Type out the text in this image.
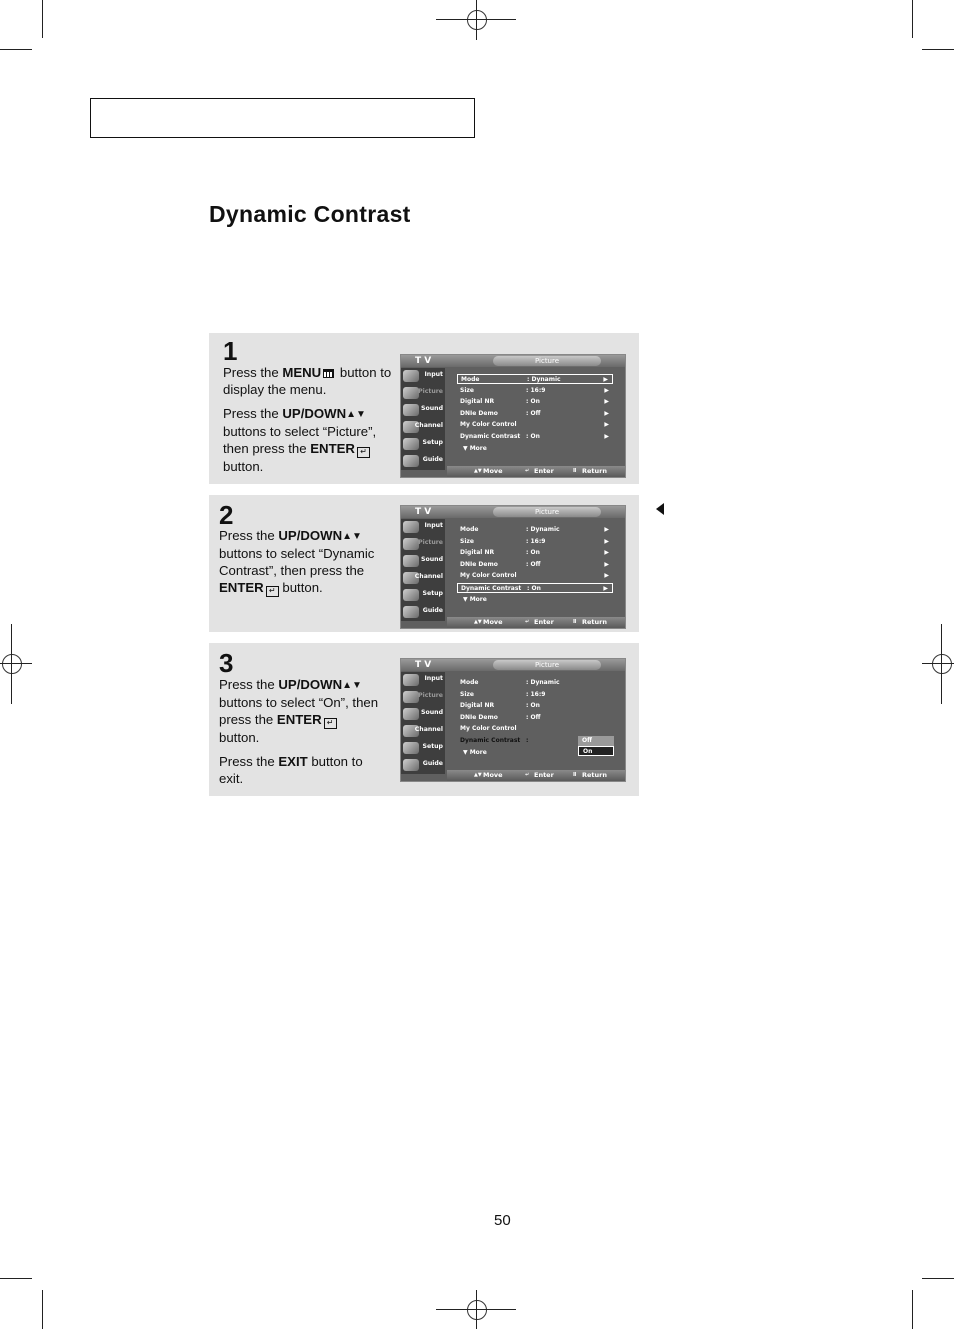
Dynamic Contrast
1

Press the MENU button to display the menu.

Press the UP/DOWN▲▼ buttons to select “Picture”, then press the ENTER ↵ button.

T V	Picture
Input
Picture
Sound
Channel
Setup
Guide
Mode	: Dynamic	▶
Size	: 16:9	▶
Digital NR	: On	▶
DNIe Demo	: Off	▶
My Color Control	▶
Dynamic Contrast : On	▶
▼ More
▲▼ Move	↵ Enter	Ⅱ Return
2

Press the UP/DOWN▲▼ buttons to select “Dynamic Contrast”, then press the ENTER ↵ button.

T V	Picture
Input
Picture
Sound
Channel
Setup
Guide
Mode	: Dynamic	▶
Size	: 16:9	▶
Digital NR	: On	▶
DNIe Demo	: Off	▶
My Color Control	▶
Dynamic Contrast : On	▶
▼ More
▲▼ Move	↵ Enter	Ⅱ Return
3

Press the UP/DOWN▲▼buttons to select “On”, then press the ENTER ↵ button.

Press the EXIT button to exit.

T V	Picture
Input
Picture
Sound
Channel
Setup
Guide
Mode	: Dynamic
Size	: 16:9
Digital NR	: On
DNIe Demo	: Off
My Color Control
Dynamic Contrast :
▼ More
Off
On
▲▼ Move	↵ Enter	Ⅱ Return
50
